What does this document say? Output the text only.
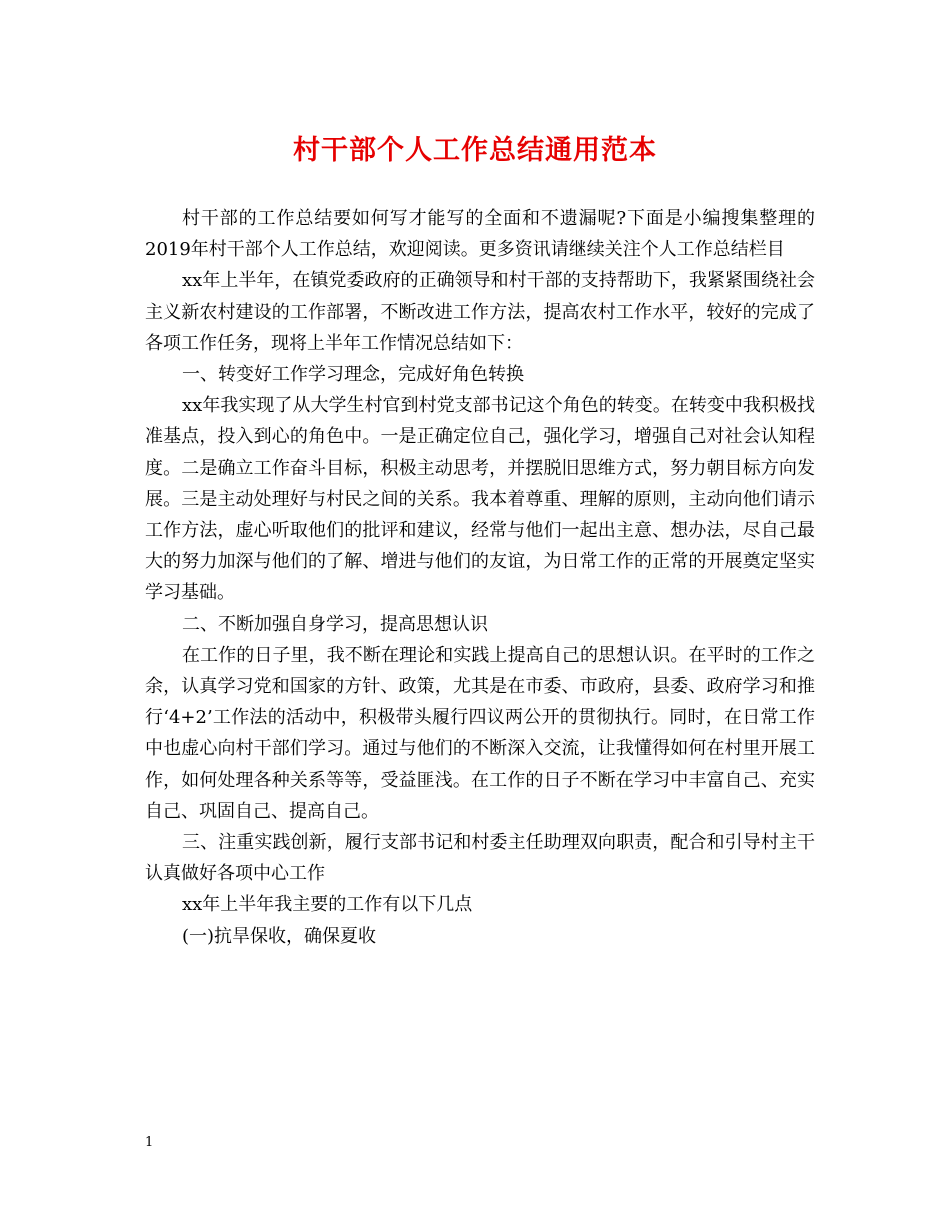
村干部个人工作总结通用范本

村干部的工作总结要如何写才能写的全面和不遗漏呢?下面是小编搜集整理的2019年村干部个人工作总结，欢迎阅读。更多资讯请继续关注个人工作总结栏目

xx年上半年，在镇党委政府的正确领导和村干部的支持帮助下，我紧紧围绕社会主义新农村建设的工作部署，不断改进工作方法，提高农村工作水平，较好的完成了各项工作任务，现将上半年工作情况总结如下：

一、转变好工作学习理念，完成好角色转换

xx年我实现了从大学生村官到村党支部书记这个角色的转变。在转变中我积极找准基点，投入到心的角色中。一是正确定位自己，强化学习，增强自己对社会认知程度。二是确立工作奋斗目标，积极主动思考，并摆脱旧思维方式，努力朝目标方向发展。三是主动处理好与村民之间的关系。我本着尊重、理解的原则，主动向他们请示工作方法，虚心听取他们的批评和建议，经常与他们一起出主意、想办法，尽自己最大的努力加深与他们的了解、增进与他们的友谊，为日常工作的正常的开展奠定坚实学习基础。

二、不断加强自身学习，提高思想认识

在工作的日子里，我不断在理论和实践上提高自己的思想认识。在平时的工作之余，认真学习党和国家的方针、政策，尤其是在市委、市政府，县委、政府学习和推行‘4+2’工作法的活动中，积极带头履行四议两公开的贯彻执行。同时，在日常工作中也虚心向村干部们学习。通过与他们的不断深入交流，让我懂得如何在村里开展工作，如何处理各种关系等等，受益匪浅。在工作的日子不断在学习中丰富自己、充实自己、巩固自己、提高自己。

三、注重实践创新，履行支部书记和村委主任助理双向职责，配合和引导村主干认真做好各项中心工作

xx年上半年我主要的工作有以下几点

(一)抗旱保收，确保夏收

1
